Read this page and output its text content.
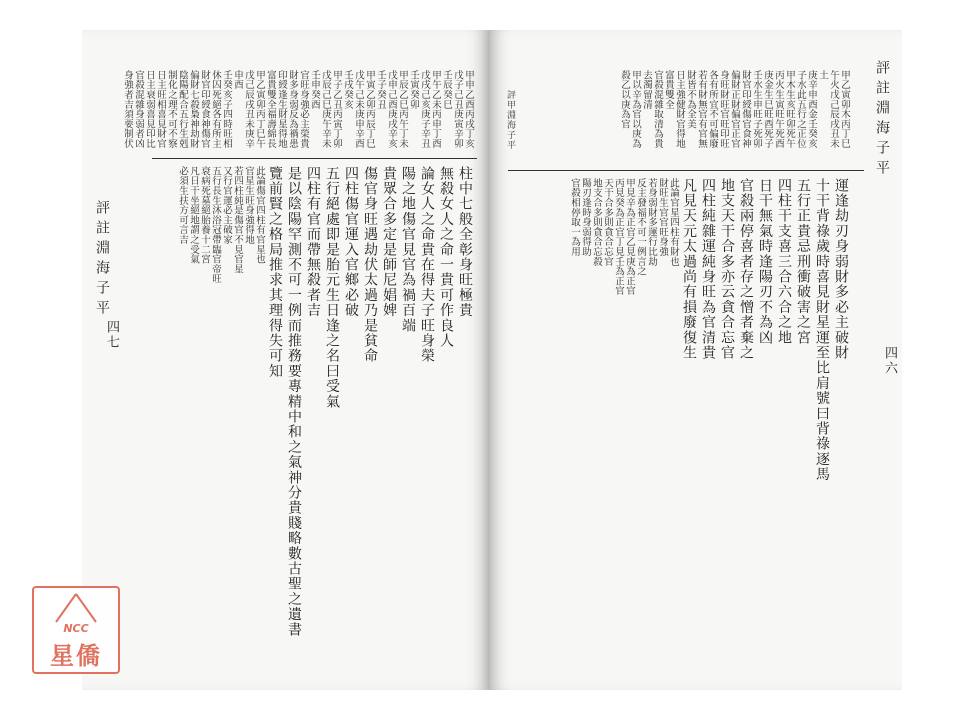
評註淵海子平
四七
甲申乙酉丙戌丁亥戊子己丑庚寅辛卯壬辰癸巳
甲午乙未丙申丁酉戊戌己亥庚子辛丑壬寅癸卯
甲辰乙巳丙午丁未戊申己酉庚戌辛亥壬子癸丑
甲寅乙卯丙辰丁巳戊午己未庚申辛酉壬戌癸亥
甲子乙丑丙寅丁卯戊辰己巳庚午辛未壬申癸酉
官旺身強必主榮貴財多身弱反為禍患
印綬逢生財星得地富貴雙全福壽綿長
甲乙寅卯丙丁巳午戊己辰戌丑未庚辛申酉
壬癸亥子四時旺相休囚死絕各有所主
財官印綬食神傷官偏財七殺梟神劫財
陰陽配合五行生剋制化之理不可不察
日主旺相喜見財官日主衰弱喜見印比
官殺混雜身弱者凶身強者吉須要制伏
柱中七般全彰身旺極貴
無殺女人之命一貴可作良人
論女人之命貴在得夫子旺身榮
陽之地傷官見官為禍百端
貴眾合多定是師尼娼婢
傷官身旺遇劫伏太過乃是貧命
四柱傷官運入官鄉必破
五行絕處即是胎元生日逢之名曰受氣
四柱有官而帶無殺者吉
是以陰陽罕測不可一例而推務要專精中和之氣神分貴賤略數古聖之遺書
覽前賢之格局推求其理得失可知
此論傷官四柱有官星也
官星生旺身強得地
若四柱純是傷官不見官星
又行官運必主破家
五行長生沐浴冠帶臨官帝旺
衰病死墓絕胎養十二宮
凡日干坐絕地謂之受氣
必須生扶方可言吉
評甲淵海子平	甲乙寅卯木丙丁巳午火戊己辰戌丑未土
庚辛申酉金壬癸亥子水此五行之正位
甲木生亥旺卯死午丙火生寅旺午死酉
庚金生巳旺酉死子壬水生申旺子死卯
財官印綬傷官食神偏財正財偏官正官
身旺財旺官旺印旺各有所宜不可偏廢
若有財無官有官無財皆不為全美
日主強健財官得地富貴雙全
官殺混雜取清為貴去濁留清
甲以辛為官以庚為殺乙以庚為官
運逢劫刃身弱財多必主破財
十干背祿歲時喜見財星運至比肩號曰背祿逐馬
五行正貴忌刑衝破害之宮
四柱干支喜三合六合之地
日干無氣時逢陽刃不為凶
官殺兩停喜者存之憎者棄之
地支天干合多亦云貪合忘官
四柱純雜運純身旺為官清貴
凡見天元太過尚有損廢復生
此論官星四柱有財也
財旺生官官旺身強
若身弱財多運行比劫
反主發福不可一例言之
甲見辛為正官乙見庚為正官
丙見癸為正官丁見壬為正官
天干合多則貪合忘官
地支合多則貪合忘殺
陽刃逢時身弱得助
官殺相停取一為用
評註淵海子平
四六
NCC
星僑
